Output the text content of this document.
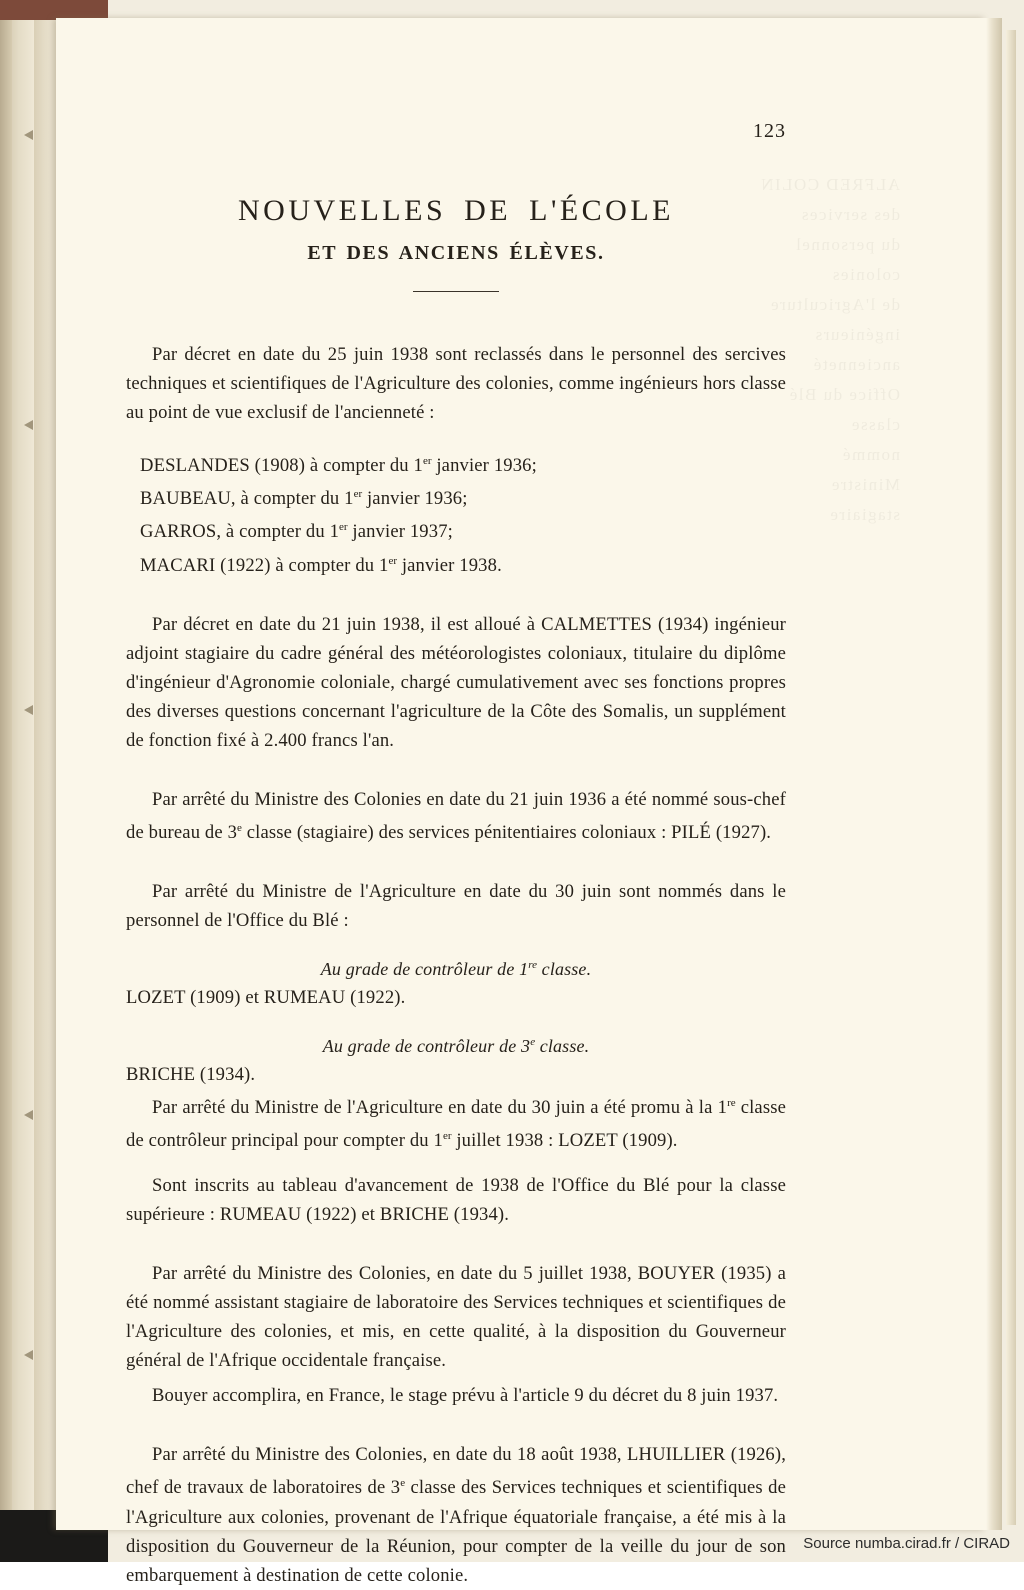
123
NOUVELLES DE L'ÉCOLE
ET DES ANCIENS ÉLÈVES.

Par décret en date du 25 juin 1938 sont reclassés dans le personnel des sercives techniques et scientifiques de l'Agriculture des colonies, comme ingénieurs hors classe au point de vue exclusif de l'ancienneté :

DESLANDES (1908) à compter du 1er janvier 1936;

BAUBEAU, à compter du 1er janvier 1936;

GARROS, à compter du 1er janvier 1937;

MACARI (1922) à compter du 1er janvier 1938.

Par décret en date du 21 juin 1938, il est alloué à CALMETTES (1934) ingénieur adjoint stagiaire du cadre général des météorologistes coloniaux, titulaire du diplôme d'ingénieur d'Agronomie coloniale, chargé cumulativement avec ses fonctions propres des diverses questions concernant l'agriculture de la Côte des Somalis, un supplément de fonction fixé à 2.400 francs l'an.

Par arrêté du Ministre des Colonies en date du 21 juin 1936 a été nommé sous-chef de bureau de 3e classe (stagiaire) des services pénitentiaires coloniaux : PILÉ (1927).

Par arrêté du Ministre de l'Agriculture en date du 30 juin sont nommés dans le personnel de l'Office du Blé :

Au grade de contrôleur de 1re classe.

LOZET (1909) et RUMEAU (1922).

Au grade de contrôleur de 3e classe.

BRICHE (1934).

Par arrêté du Ministre de l'Agriculture en date du 30 juin a été promu à la 1re classe de contrôleur principal pour compter du 1er juillet 1938 : LOZET (1909).

Sont inscrits au tableau d'avancement de 1938 de l'Office du Blé pour la classe supérieure : RUMEAU (1922) et BRICHE (1934).

Par arrêté du Ministre des Colonies, en date du 5 juillet 1938, BOUYER (1935) a été nommé assistant stagiaire de laboratoire des Services techniques et scientifiques de l'Agriculture des colonies, et mis, en cette qualité, à la disposition du Gouverneur général de l'Afrique occidentale française.

Bouyer accomplira, en France, le stage prévu à l'article 9 du décret du 8 juin 1937.

Par arrêté du Ministre des Colonies, en date du 18 août 1938, LHUILLIER (1926), chef de travaux de laboratoires de 3e classe des Services techniques et scientifiques de l'Agriculture aux colonies, provenant de l'Afrique équatoriale française, a été mis à la disposition du Gouverneur de la Réunion, pour compter de la veille du jour de son embarquement à destination de cette colonie.

Source numba.cirad.fr / CIRAD
